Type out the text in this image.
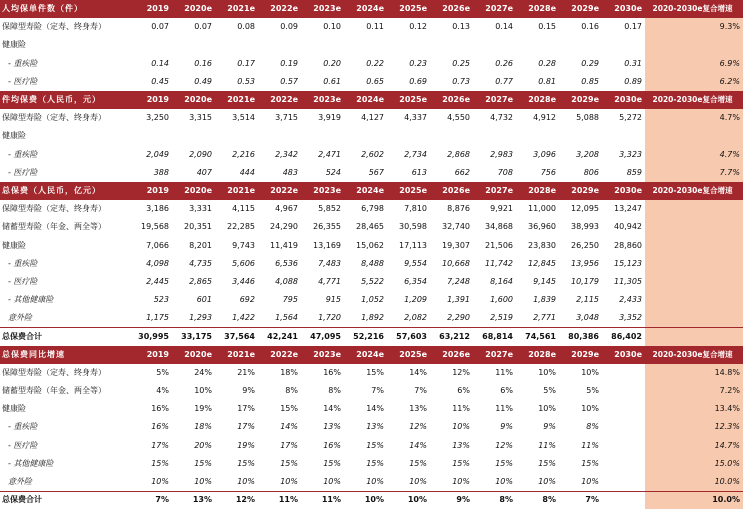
人均保单件数（件）	2019	2020e	2021e	2022e	2023e	2024e	2025e	2026e	2027e	2028e	2029e	2030e	2020-2030e复合增速
保障型寿险（定寿、终身寿）	0.07	0.07	0.08	0.09	0.10	0.11	0.12	0.13	0.14	0.15	0.16	0.17	9.3%
健康险													
- 重疾险	0.14	0.16	0.17	0.19	0.20	0.22	0.23	0.25	0.26	0.28	0.29	0.31	6.9%
- 医疗险	0.45	0.49	0.53	0.57	0.61	0.65	0.69	0.73	0.77	0.81	0.85	0.89	6.2%
件均保费（人民币，元）	2019	2020e	2021e	2022e	2023e	2024e	2025e	2026e	2027e	2028e	2029e	2030e	2020-2030e复合增速
保障型寿险（定寿、终身寿）	3,250	3,315	3,514	3,715	3,919	4,127	4,337	4,550	4,732	4,912	5,088	5,272	4.7%
健康险													
- 重疾险	2,049	2,090	2,216	2,342	2,471	2,602	2,734	2,868	2,983	3,096	3,208	3,323	4.7%
- 医疗险	388	407	444	483	524	567	613	662	708	756	806	859	7.7%
总保费（人民币，亿元）	2019	2020e	2021e	2022e	2023e	2024e	2025e	2026e	2027e	2028e	2029e	2030e	2020-2030e复合增速
保障型寿险（定寿、终身寿）	3,186	3,331	4,115	4,967	5,852	6,798	7,810	8,876	9,921	11,000	12,095	13,247	
储蓄型寿险（年金、两全等）	19,568	20,351	22,285	24,290	26,355	28,465	30,598	32,740	34,868	36,960	38,993	40,942	
健康险	7,066	8,201	9,743	11,419	13,169	15,062	17,113	19,307	21,506	23,830	26,250	28,860	
- 重疾险	4,098	4,735	5,606	6,536	7,483	8,488	9,554	10,668	11,742	12,845	13,956	15,123	
- 医疗险	2,445	2,865	3,446	4,088	4,771	5,522	6,354	7,248	8,164	9,145	10,179	11,305	
- 其他健康险	523	601	692	795	915	1,052	1,209	1,391	1,600	1,839	2,115	2,433	
意外险	1,175	1,293	1,422	1,564	1,720	1,892	2,082	2,290	2,519	2,771	3,048	3,352	
总保费合计	30,995	33,175	37,564	42,241	47,095	52,216	57,603	63,212	68,814	74,561	80,386	86,402	
总保费同比增速	2019	2020e	2021e	2022e	2023e	2024e	2025e	2026e	2027e	2028e	2029e	2030e	2020-2030e复合增速
保障型寿险（定寿、终身寿）	5%	24%	21%	18%	16%	15%	14%	12%	11%	10%	10%		14.8%
储蓄型寿险（年金、两全等）	4%	10%	9%	8%	8%	7%	7%	6%	6%	5%	5%		7.2%
健康险	16%	19%	17%	15%	14%	14%	13%	11%	11%	10%	10%		13.4%
- 重疾险	16%	18%	17%	14%	13%	13%	12%	10%	9%	9%	8%		12.3%
- 医疗险	17%	20%	19%	17%	16%	15%	14%	13%	12%	11%	11%		14.7%
- 其他健康险	15%	15%	15%	15%	15%	15%	15%	15%	15%	15%	15%		15.0%
意外险	10%	10%	10%	10%	10%	10%	10%	10%	10%	10%	10%		10.0%
总保费合计	7%	13%	12%	11%	11%	10%	10%	9%	8%	8%	7%		10.0%
